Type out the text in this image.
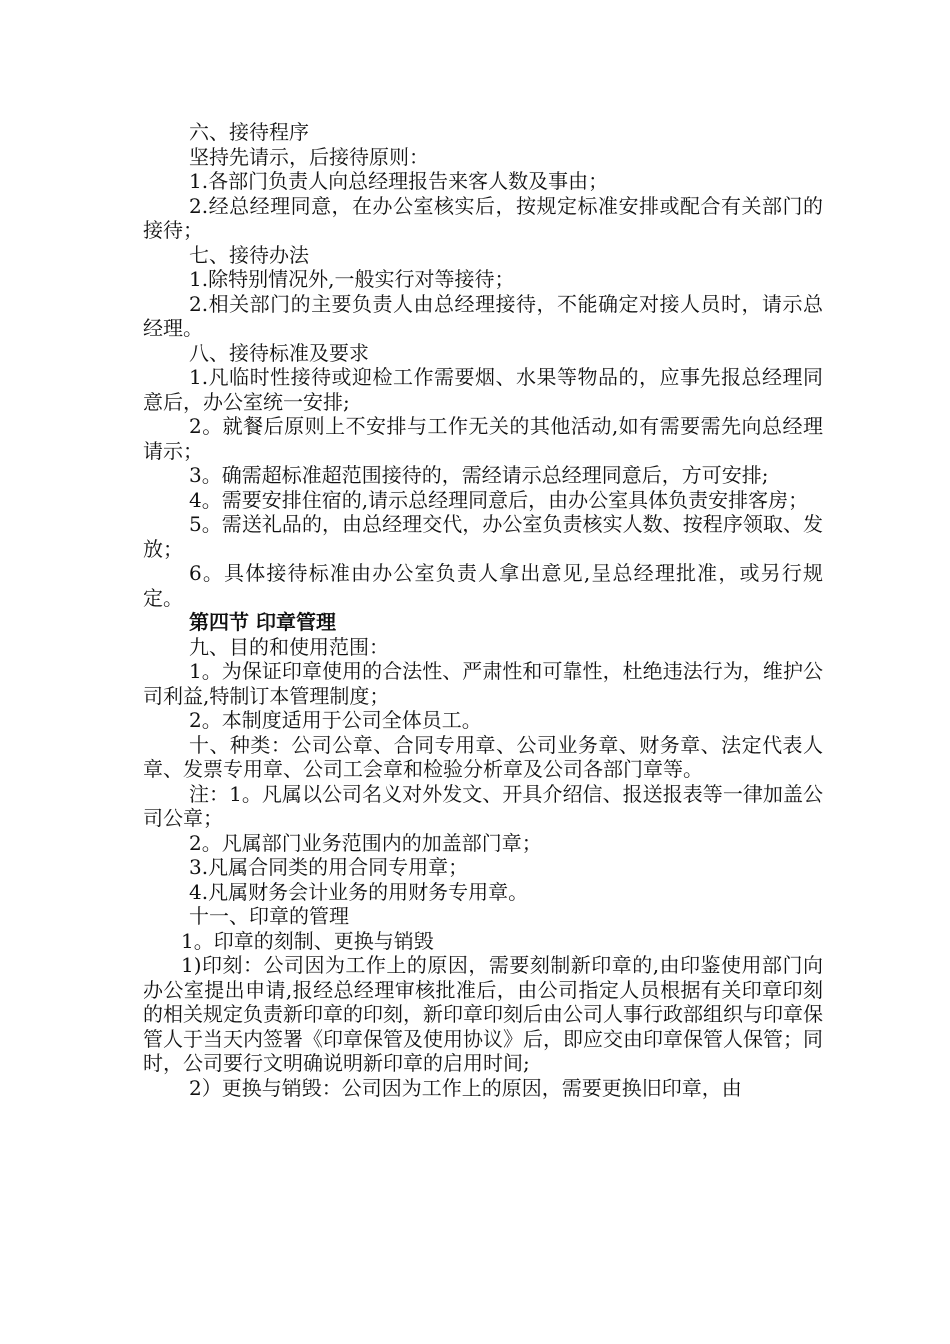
六、接待程序

坚持先请示，后接待原则：

1.各部门负责人向总经理报告来客人数及事由；

2.经总经理同意，在办公室核实后，按规定标准安排或配合有关部门的接待；

七、接待办法

1.除特别情况外,一般实行对等接待；

2.相关部门的主要负责人由总经理接待，不能确定对接人员时，请示总经理。

八、接待标准及要求

1.凡临时性接待或迎检工作需要烟、水果等物品的，应事先报总经理同意后，办公室统一安排;

2。就餐后原则上不安排与工作无关的其他活动,如有需要需先向总经理请示；

3。确需超标准超范围接待的，需经请示总经理同意后，方可安排;

4。需要安排住宿的,请示总经理同意后，由办公室具体负责安排客房；

5。需送礼品的，由总经理交代，办公室负责核实人数、按程序领取、发放；

6。具体接待标准由办公室负责人拿出意见,呈总经理批准，或另行规定。

第四节 印章管理

九、目的和使用范围：

1。为保证印章使用的合法性、严肃性和可靠性，杜绝违法行为，维护公司利益,特制订本管理制度；

2。本制度适用于公司全体员工。

十、种类：公司公章、合同专用章、公司业务章、财务章、法定代表人章、发票专用章、公司工会章和检验分析章及公司各部门章等。

注：1。凡属以公司名义对外发文、开具介绍信、报送报表等一律加盖公司公章；

2。凡属部门业务范围内的加盖部门章；

3.凡属合同类的用合同专用章；

4.凡属财务会计业务的用财务专用章。

十一、印章的管理

1。印章的刻制、更换与销毁

1)印刻：公司因为工作上的原因，需要刻制新印章的,由印鉴使用部门向办公室提出申请,报经总经理审核批准后，由公司指定人员根据有关印章印刻的相关规定负责新印章的印刻，新印章印刻后由公司人事行政部组织与印章保管人于当天内签署《印章保管及使用协议》后，即应交由印章保管人保管；同时，公司要行文明确说明新印章的启用时间;

2）更换与销毁：公司因为工作上的原因，需要更换旧印章，由
